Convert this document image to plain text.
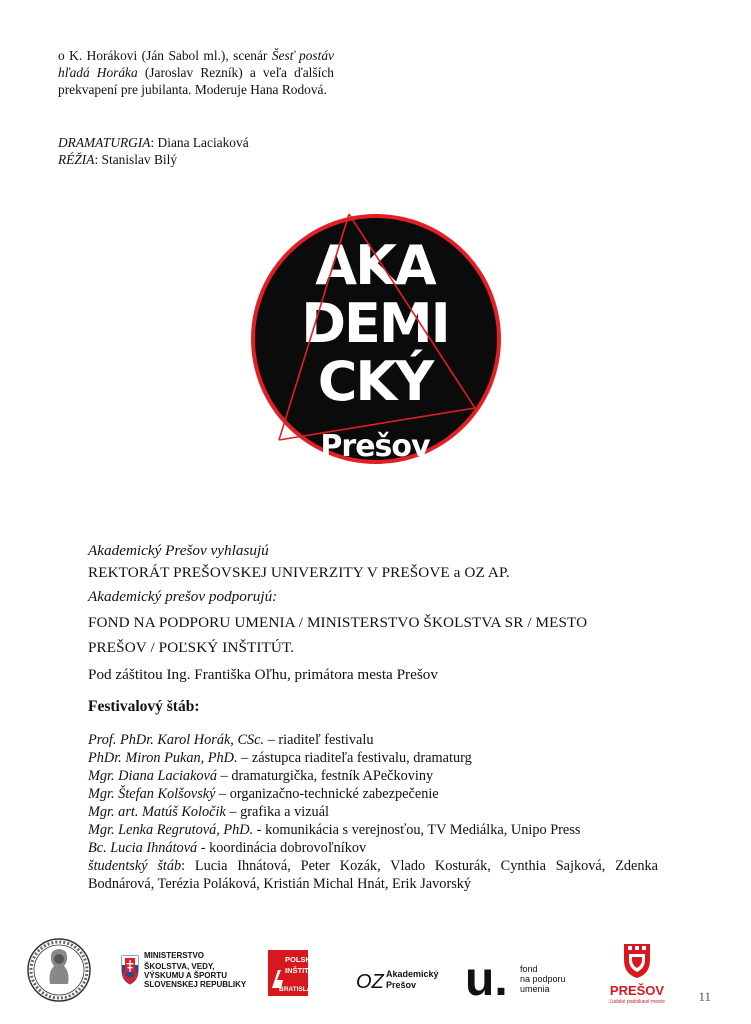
o K. Horákovi (Ján Sabol ml.), scenár Šesť postáv hľadá Horáka (Jaroslav Rezník) a veľa ďalších prekvapení pre jubilanta. Moderuje Hana Rodová.

DRAMATURGIA: Diana Laciaková
RÉŽIA: Stanislav Bilý
AKA
DEMI
CKÝ
Prešov
Akademický Prešov vyhlasujú
REKTORÁT PREŠOVSKEJ UNIVERZITY V PREŠOVE a OZ AP.
Akademický prešov podporujú:
FOND NA PODPORU UMENIA / MINISTERSTVO ŠKOLSTVA SR / MESTO
PREŠOV / POĽSKÝ INŠTITÚT.
Pod záštitou Ing. Františka Oľhu, primátora mesta Prešov
Festivalový štáb:
Prof. PhDr. Karol Horák, CSc. – riaditeľ festivalu
PhDr. Miron Pukan, PhD. – zástupca riaditeľa festivalu, dramaturg
Mgr. Diana Laciaková – dramaturgička, festník APečkoviny
Mgr. Štefan Kolšovský – organizačno-technické zabezpečenie
Mgr. art. Matúš Koločik – grafika a vizuál
Mgr. Lenka Regrutová, PhD. - komunikácia s verejnosťou, TV Mediálka, Unipo Press
Bc. Lucia Ihnátová - koordinácia dobrovoľníkov
študentský štáb: Lucia Ihnátová, Peter Kozák, Vlado Kosturák, Cynthia Sajková, Zdenka
Bodnárová, Terézia Poláková, Kristián Michal Hnát, Erik Javorský
MINISTERSTVO
ŠKOLSTVA, VEDY,
VÝSKUMU A ŠPORTU
SLOVENSKEJ REPUBLIKY
POLSKÝ
INŠTITÚT
BRATISLAVA OZ Akademický
Prešov u. fond
na podporu
umenia	PREŠOV
Ľudské podnikavé mesto	11
